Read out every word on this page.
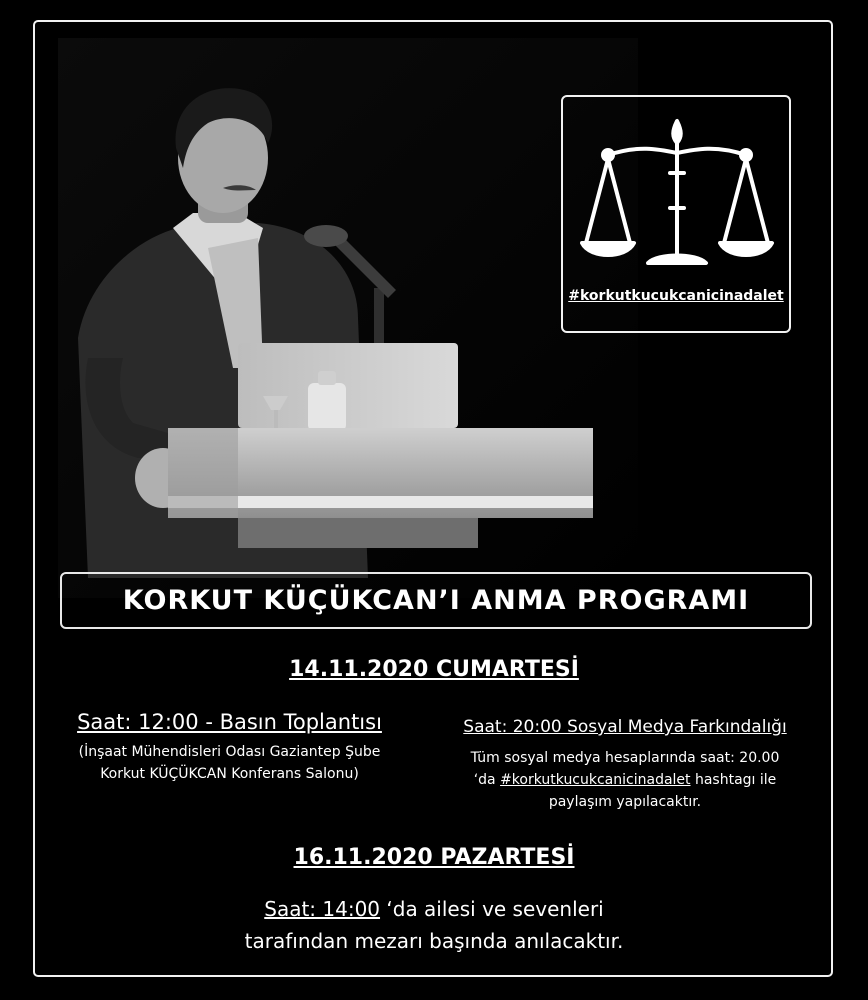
#korkutkucukcanicinadalet
KORKUT KÜÇÜKCAN’I ANMA PROGRAMI
14.11.2020 CUMARTESİ
Saat: 12:00 - Basın Toplantısı
(İnşaat Mühendisleri Odası Gaziantep Şube
Korkut KÜÇÜKCAN Konferans Salonu)
Saat: 20:00 Sosyal Medya Farkındalığı
Tüm sosyal medya hesaplarında saat: 20.00
‘da #korkutkucukcanicinadalet hashtagı ile
paylaşım yapılacaktır.
16.11.2020 PAZARTESİ
Saat: 14:00 ‘da ailesi ve sevenleri
tarafından mezarı başında anılacaktır.
